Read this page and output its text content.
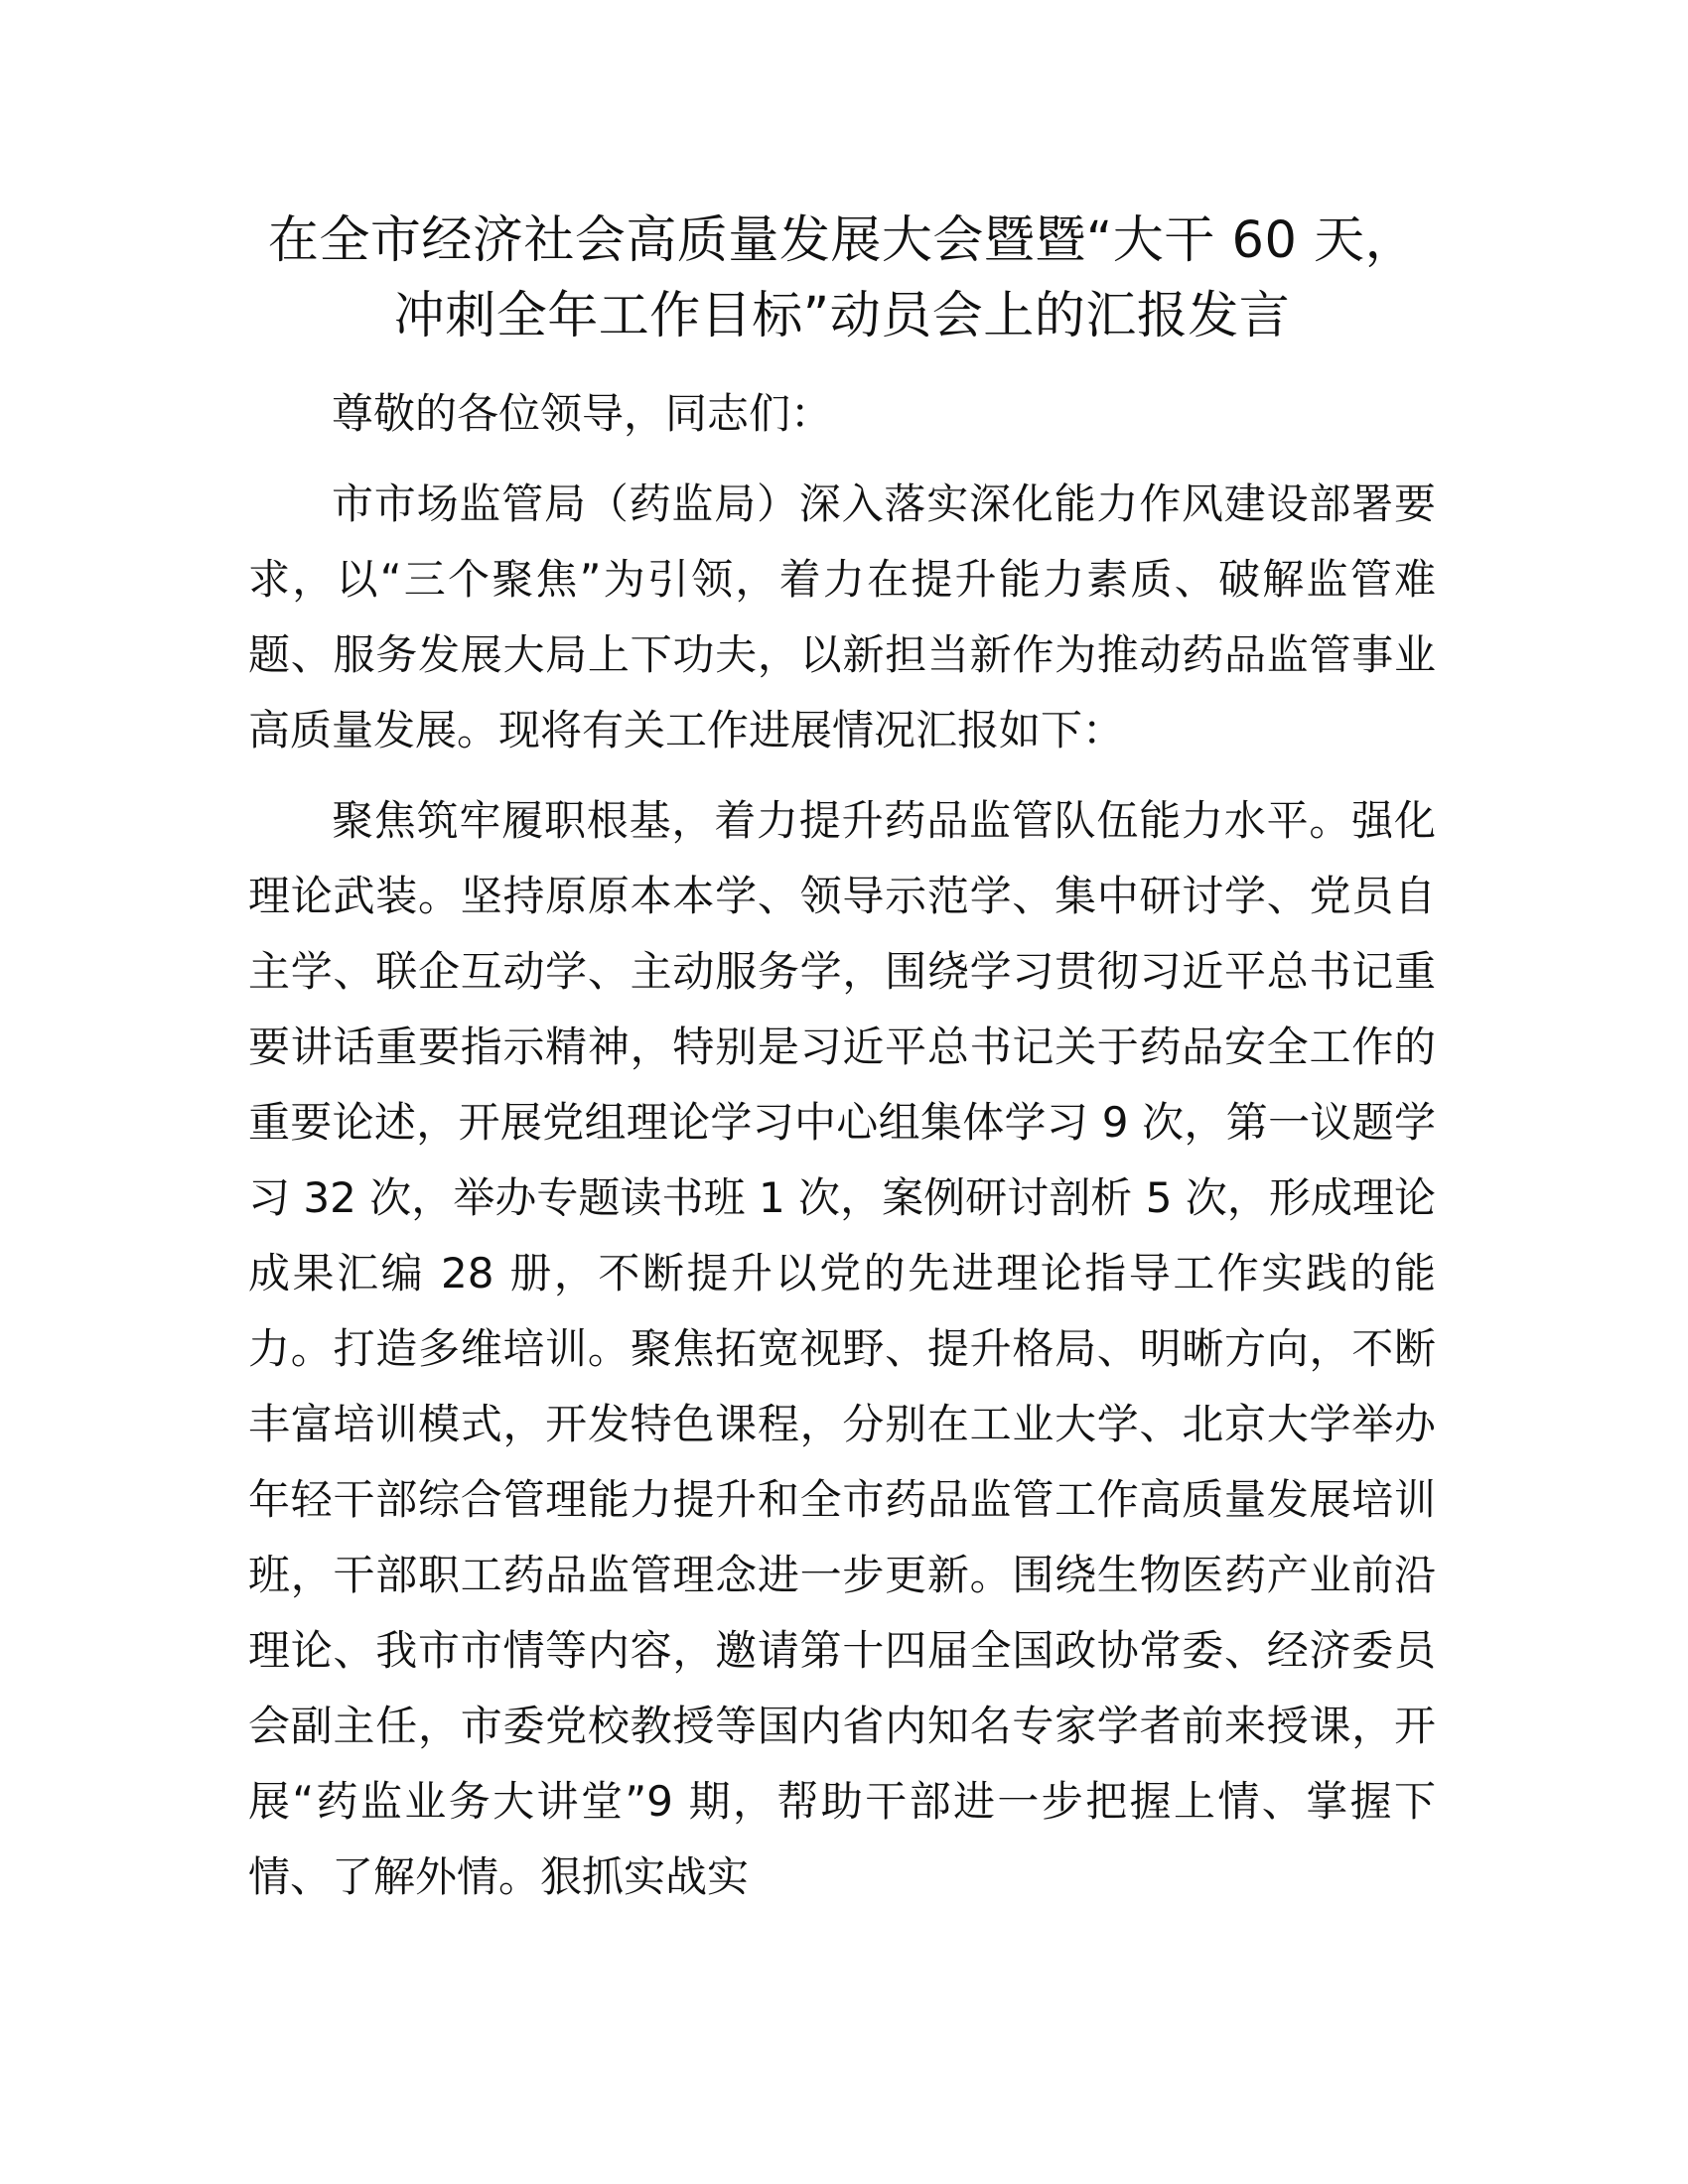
在全市经济社会高质量发展大会暨暨“大干 60 天，冲刺全年工作目标”动员会上的汇报发言

尊敬的各位领导，同志们：

市市场监管局（药监局）深入落实深化能力作风建设部署要求，以“三个聚焦”为引领，着力在提升能力素质、破解监管难题、服务发展大局上下功夫，以新担当新作为推动药品监管事业高质量发展。现将有关工作进展情况汇报如下：

聚焦筑牢履职根基，着力提升药品监管队伍能力水平。强化理论武装。坚持原原本本学、领导示范学、集中研讨学、党员自主学、联企互动学、主动服务学，围绕学习贯彻习近平总书记重要讲话重要指示精神，特别是习近平总书记关于药品安全工作的重要论述，开展党组理论学习中心组集体学习 9 次，第一议题学习 32 次，举办专题读书班 1 次，案例研讨剖析 5 次，形成理论成果汇编 28 册，不断提升以党的先进理论指导工作实践的能力。打造多维培训。聚焦拓宽视野、提升格局、明晰方向，不断丰富培训模式，开发特色课程，分别在工业大学、北京大学举办年轻干部综合管理能力提升和全市药品监管工作高质量发展培训班，干部职工药品监管理念进一步更新。围绕生物医药产业前沿理论、我市市情等内容，邀请第十四届全国政协常委、经济委员会副主任，市委党校教授等国内省内知名专家学者前来授课，开展“药监业务大讲堂”9 期，帮助干部进一步把握上情、掌握下情、了解外情。狠抓实战实
